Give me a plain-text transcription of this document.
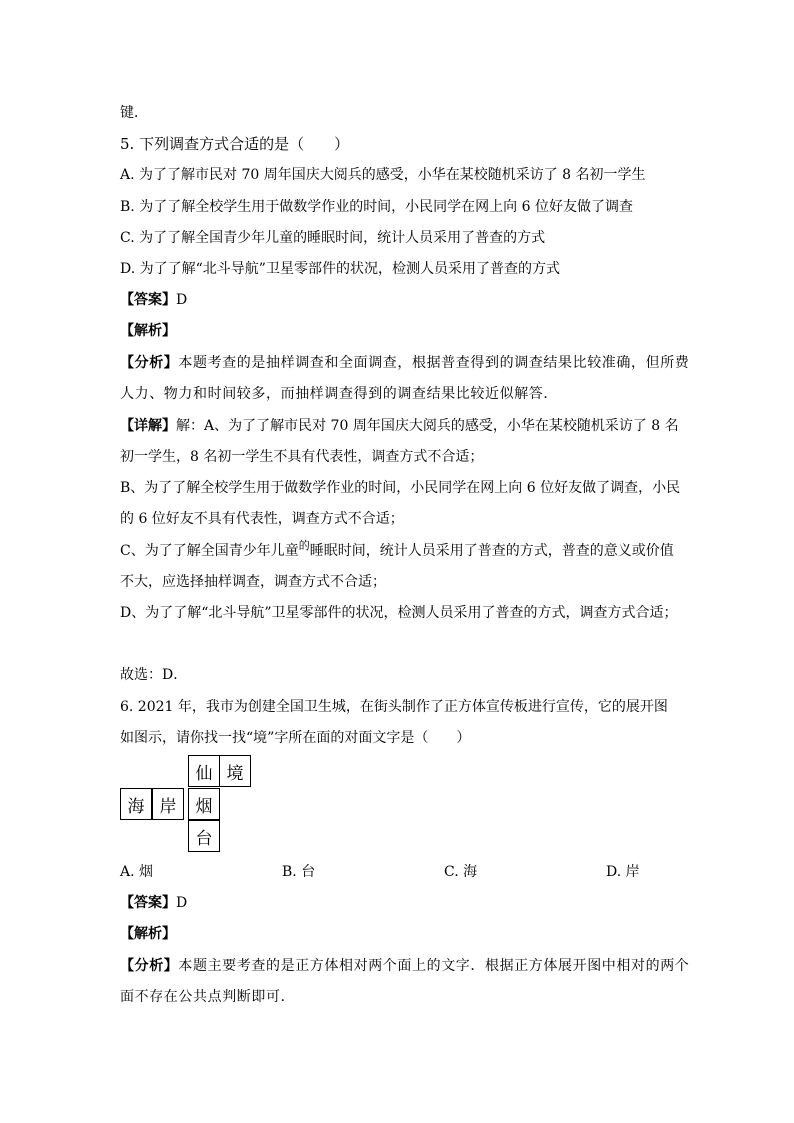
键．
5. 下列调查方式合适的是（　　）
A. 为了了解市民对 70 周年国庆大阅兵的感受，小华在某校随机采访了 8 名初一学生
B. 为了了解全校学生用于做数学作业的时间，小民同学在网上向 6 位好友做了调查
C. 为了了解全国青少年儿童的睡眠时间，统计人员采用了普查的方式
D. 为了了解“北斗导航”卫星零部件的状况，检测人员采用了普查的方式
【答案】D
【解析】
【分析】本题考查的是抽样调查和全面调查，根据普查得到的调查结果比较准确，但所费
人力、物力和时间较多，而抽样调查得到的调查结果比较近似解答．
【详解】解：A、为了了解市民对 70 周年国庆大阅兵的感受，小华在某校随机采访了 8 名
初一学生，8 名初一学生不具有代表性，调查方式不合适；
B、为了了解全校学生用于做数学作业的时间，小民同学在网上向 6 位好友做了调查，小民
的 6 位好友不具有代表性，调查方式不合适；
C、为了了解全国青少年儿童$^的$睡眠时间，统计人员采用了普查的方式，普查的意义或价值
不大，应选择抽样调查，调查方式不合适；
D、为了了解“北斗导航”卫星零部件的状况，检测人员采用了普查的方式，调查方式合适；
故选：D．
6. 2021 年，我市为创建全国卫生城，在街头制作了正方体宣传板进行宣传，它的展开图
如图示，请你找一找“境”字所在面的对面文字是（　　）
仙 境
海 岸	烟
台
A. 烟	B. 台	C. 海	D. 岸
【答案】D
【解析】
【分析】本题主要考查的是正方体相对两个面上的文字．根据正方体展开图中相对的两个
面不存在公共点判断即可．
